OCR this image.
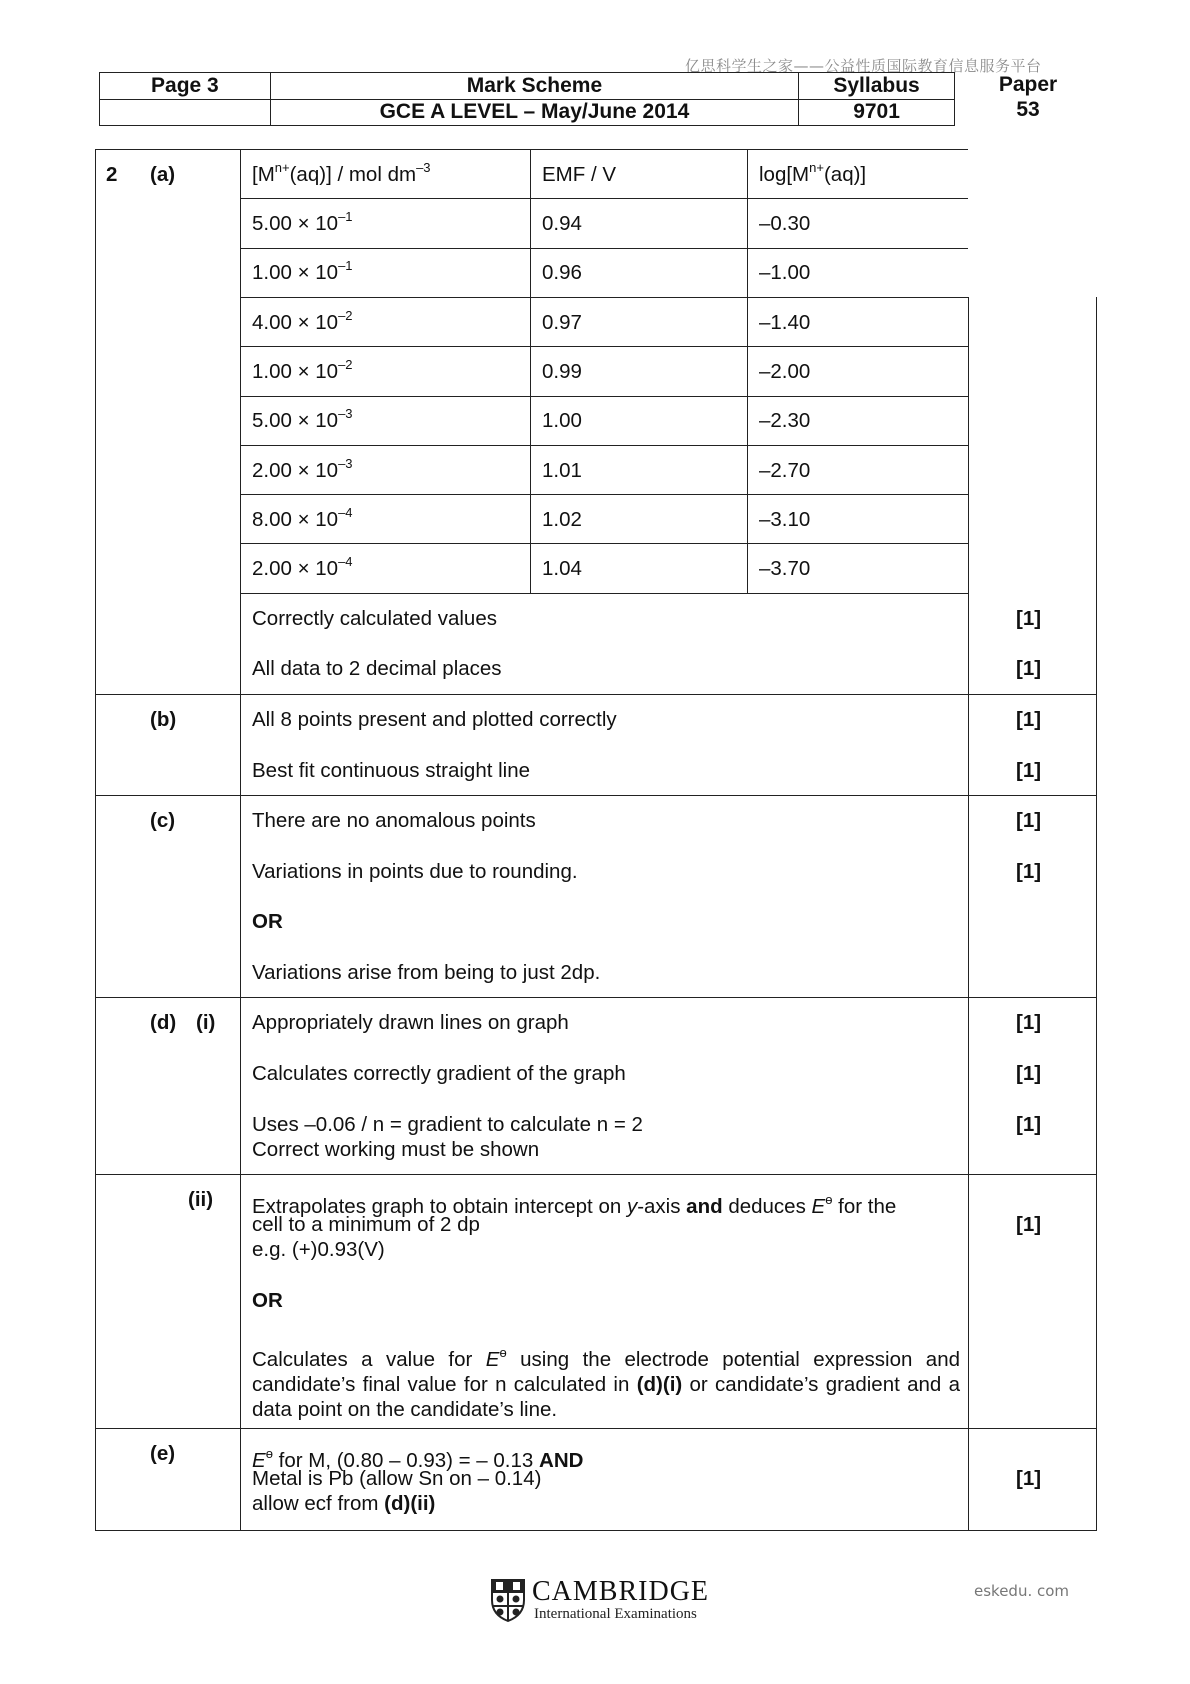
亿思科学生之家——公益性质国际教育信息服务平台
Page 3	Mark Scheme	Syllabus
	GCE A LEVEL – May/June 2014	9701
Paper
53
2 (a)	$[M^{n+}(aq)]$ / mol $dm^{-3}$	EMF / V	$\log[M^{n+}(aq)]$
$5.00 \times 10^{-1}$	0.94	–0.30
$1.00 \times 10^{-1}$	0.96	–1.00
$4.00 \times 10^{-2}$	0.97	–1.40
$1.00 \times 10^{-2}$	0.99	–2.00
$5.00 \times 10^{-3}$	1.00	–2.30
$2.00 \times 10^{-3}$	1.01	–2.70
$8.00 \times 10^{-4}$	1.02	–3.10
$2.00 \times 10^{-4}$	1.04	–3.70
Correctly calculated values	[1]
All data to 2 decimal places	[1]
(b)	All 8 points present and plotted correctly	[1]
Best fit continuous straight line	[1]
(c)	There are no anomalous points	[1]
Variations in points due to rounding.	[1]
OR
Variations arise from being to just 2dp.
(d) (i) Appropriately drawn lines on graph	[1]
Calculates correctly gradient of the graph	[1]
Uses –0.06 / n = gradient to calculate n = 2	[1]
Correct working must be shown
(ii) Extrapolates graph to obtain intercept on y-axis and deduces $E^ө$ for the
cell to a minimum of 2 dp	[1]
e.g. (+)0.93(V)
OR
Calculates a value for $E^ө$ using the electrode potential expression and candidate’s final value for n calculated in (d)(i) or candidate’s gradient and a data point on the candidate’s line.
(e)	$E^ө$ for M, (0.80 – 0.93) = – 0.13 AND
Metal is Pb (allow Sn on – 0.14)	[1]
allow ecf from (d)(ii)
CAMBRIDGE
International Examinations
eskedu. com
